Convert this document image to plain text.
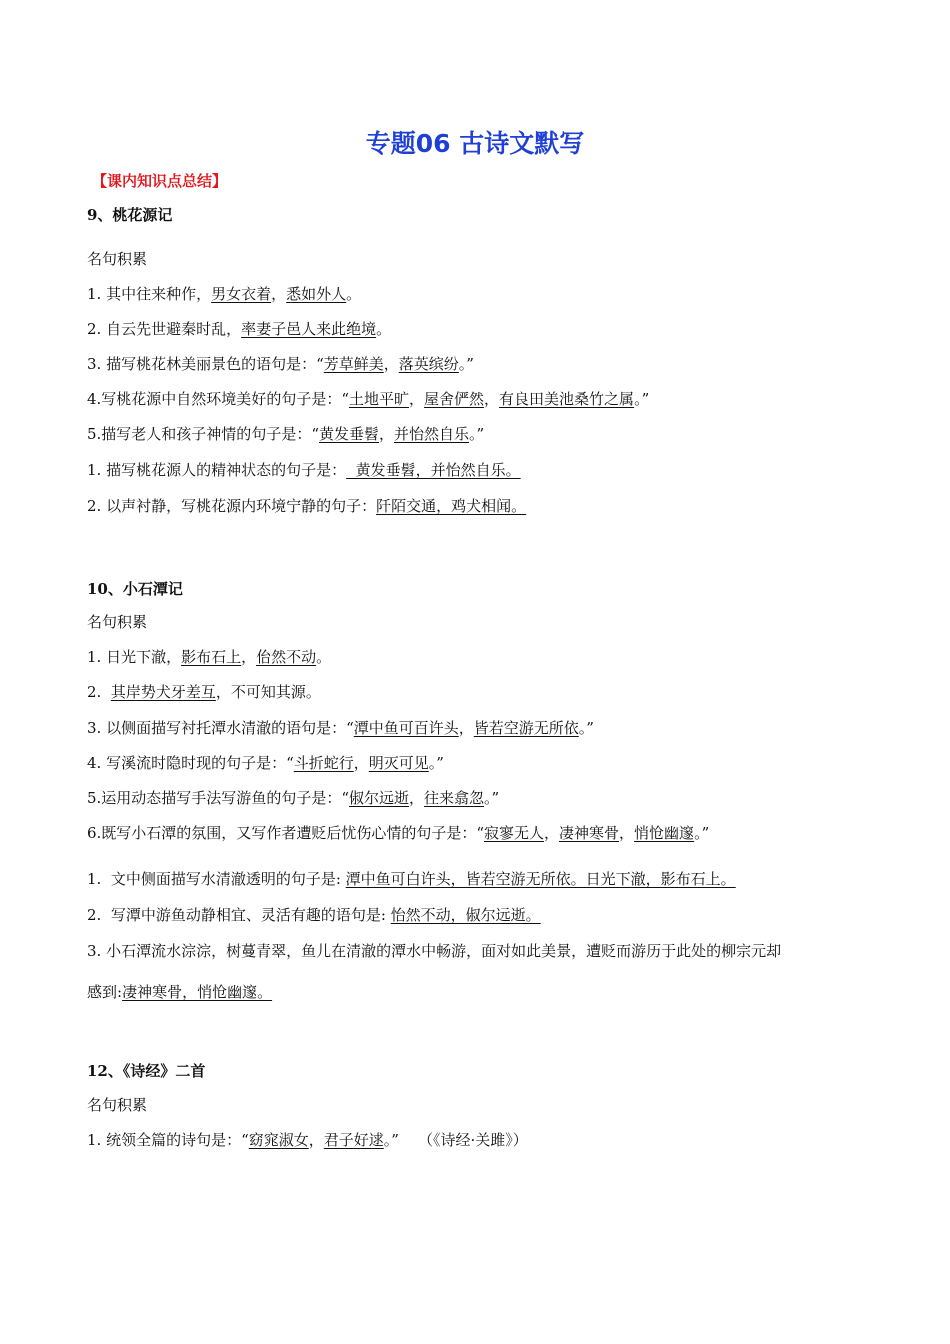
专题06 古诗文默写
【课内知识点总结】
9、桃花源记
名句积累
1. 其中往来种作，男女衣着，悉如外人。
2. 自云先世避秦时乱，率妻子邑人来此绝境。
3. 描写桃花林美丽景色的语句是：“芳草鲜美，落英缤纷。”
4.写桃花源中自然环境美好的句子是：“土地平旷，屋舍俨然，有良田美池桑竹之属。”
5.描写老人和孩子神情的句子是：“黄发垂髫，并怡然自乐。”
1. 描写桃花源人的精神状态的句子是：  黄发垂髫，并怡然自乐。
2. 以声衬静，写桃花源内环境宁静的句子：阡陌交通，鸡犬相闻。
10、小石潭记
名句积累
1. 日光下澈，影布石上，佁然不动。
2.  其岸势犬牙差互，不可知其源。
3. 以侧面描写衬托潭水清澈的语句是：“潭中鱼可百许头，皆若空游无所依。”
4. 写溪流时隐时现的句子是：“斗折蛇行，明灭可见。”
5.运用动态描写手法写游鱼的句子是：“俶尔远逝，往来翕忽。”
6.既写小石潭的氛围，又写作者遭贬后忧伤心情的句子是：“寂寥无人，凄神寒骨，悄怆幽邃。”
1.  文中侧面描写水清澈透明的句子是: 潭中鱼可白许头，皆若空游无所依。日光下澈，影布石上。
2.  写潭中游鱼动静相宜、灵活有趣的语句是: 怡然不动，俶尔远逝。
3. 小石潭流水淙淙，树蔓青翠，鱼儿在清澈的潭水中畅游，面对如此美景，遭贬而游历于此处的柳宗元却
感到:凄神寒骨，悄怆幽邃。
12、《诗经》二首
名句积累
1. 统领全篇的诗句是：“窈窕淑女，君子好逑。”    （《诗经·关雎》）
